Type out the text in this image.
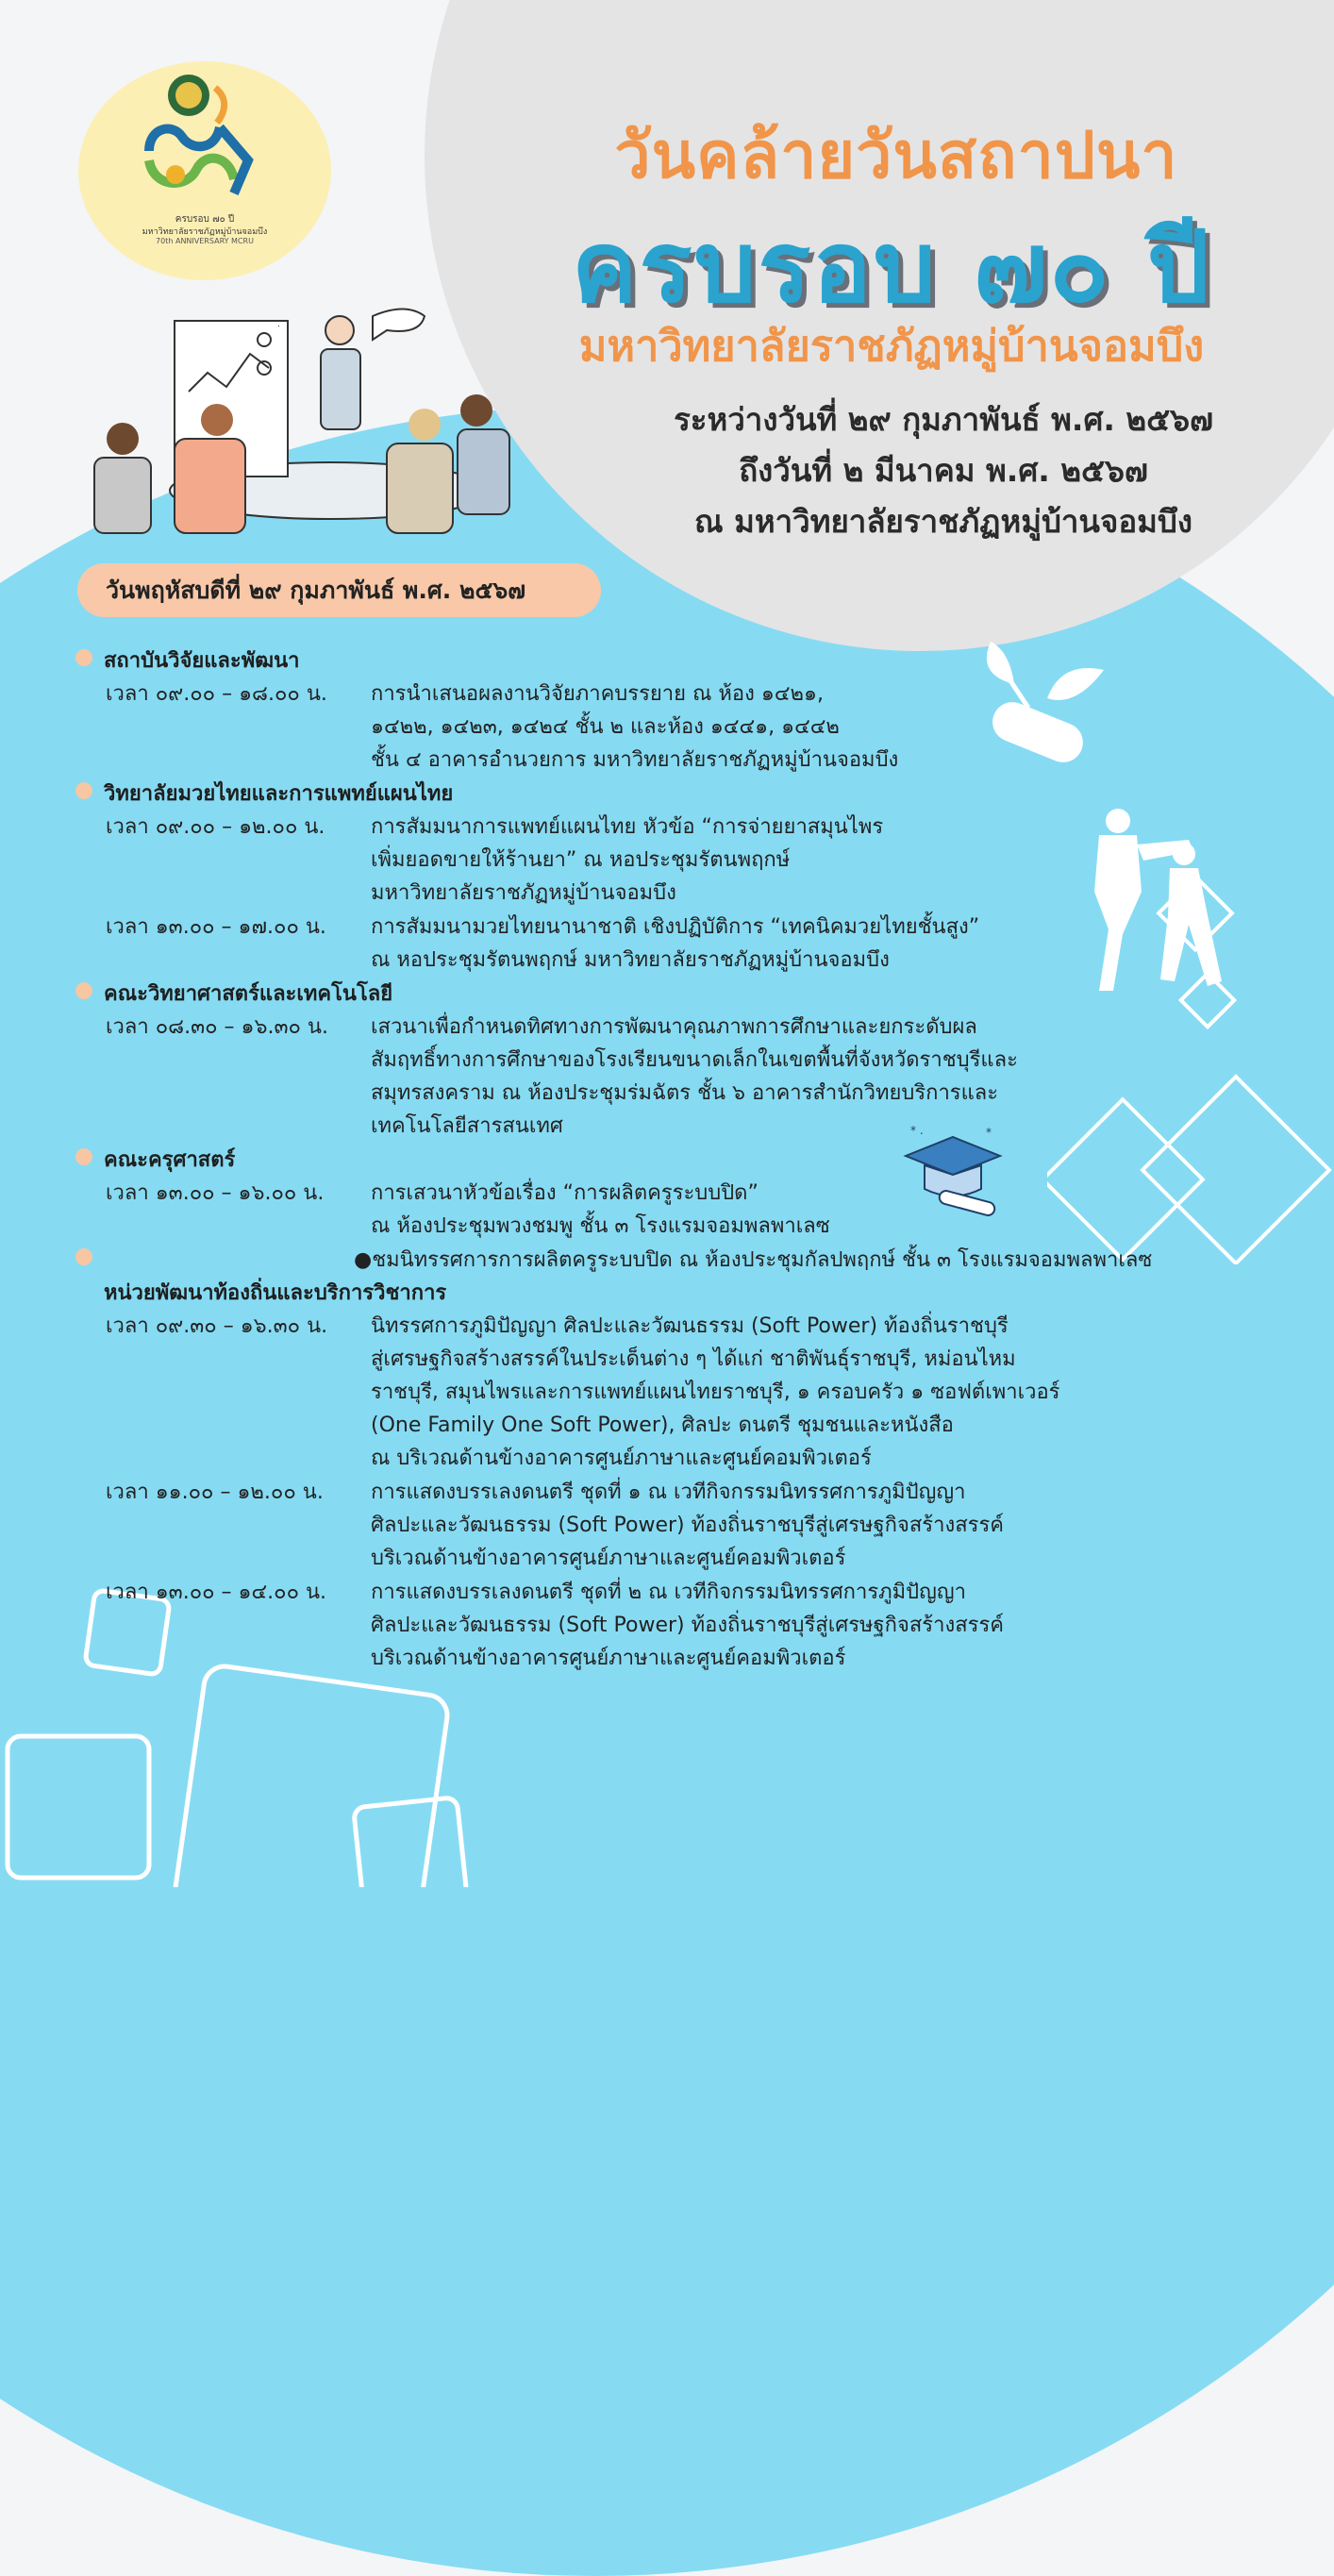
ครบรอบ ๗๐ ปี
มหาวิทยาลัยราชภัฏหมู่บ้านจอมบึง
70th ANNIVERSARY MCRU
วันคล้ายวันสถาปนา
ครบรอบ ๗๐ ปี
มหาวิทยาลัยราชภัฏหมู่บ้านจอมบึง
ระหว่างวันที่ ๒๙ กุมภาพันธ์ พ.ศ. ๒๕๖๗
ถึงวันที่ ๒ มีนาคม พ.ศ. ๒๕๖๗
ณ มหาวิทยาลัยราชภัฏหมู่บ้านจอมบึง
วันพฤหัสบดีที่ ๒๙ กุมภาพันธ์ พ.ศ. ๒๕๖๗
* .	*
สถาบันวิจัยและพัฒนา
เวลา ๐๙.๐๐ – ๑๘.๐๐ น. การนำเสนอผลงานวิจัยภาคบรรยาย ณ ห้อง ๑๔๒๑,
๑๔๒๒, ๑๔๒๓, ๑๔๒๔ ชั้น ๒ และห้อง ๑๔๔๑, ๑๔๔๒
ชั้น ๔ อาคารอำนวยการ มหาวิทยาลัยราชภัฏหมู่บ้านจอมบึง
วิทยาลัยมวยไทยและการแพทย์แผนไทย
เวลา ๐๙.๐๐ – ๑๒.๐๐ น. การสัมมนาการแพทย์แผนไทย หัวข้อ “การจ่ายยาสมุนไพร
เพิ่มยอดขายให้ร้านยา” ณ หอประชุมรัตนพฤกษ์
มหาวิทยาลัยราชภัฏหมู่บ้านจอมบึง
เวลา ๑๓.๐๐ – ๑๗.๐๐ น. การสัมมนามวยไทยนานาชาติ เชิงปฏิบัติการ “เทคนิคมวยไทยชั้นสูง”
ณ หอประชุมรัตนพฤกษ์ มหาวิทยาลัยราชภัฏหมู่บ้านจอมบึง
คณะวิทยาศาสตร์และเทคโนโลยี
เวลา ๐๘.๓๐ – ๑๖.๓๐ น. เสวนาเพื่อกำหนดทิศทางการพัฒนาคุณภาพการศึกษาและยกระดับผล
สัมฤทธิ์ทางการศึกษาของโรงเรียนขนาดเล็กในเขตพื้นที่จังหวัดราชบุรีและ
สมุทรสงคราม ณ ห้องประชุมร่มฉัตร ชั้น ๖ อาคารสำนักวิทยบริการและ
เทคโนโลยีสารสนเทศ
คณะครุศาสตร์
เวลา ๑๓.๐๐ – ๑๖.๐๐ น. การเสวนาหัวข้อเรื่อง “การผลิตครูระบบปิด”
ณ ห้องประชุมพวงชมพู ชั้น ๓ โรงแรมจอมพลพาเลซ
●ชมนิทรรศการการผลิตครูระบบปิด ณ ห้องประชุมกัลปพฤกษ์ ชั้น ๓ โรงแรมจอมพลพาเลซ
หน่วยพัฒนาท้องถิ่นและบริการวิชาการ
เวลา ๐๙.๓๐ – ๑๖.๓๐ น. นิทรรศการภูมิปัญญา ศิลปะและวัฒนธรรม (Soft Power) ท้องถิ่นราชบุรี
สู่เศรษฐกิจสร้างสรรค์ในประเด็นต่าง ๆ ได้แก่ ชาติพันธุ์ราชบุรี, หม่อนไหม
ราชบุรี, สมุนไพรและการแพทย์แผนไทยราชบุรี, ๑ ครอบครัว ๑ ซอฟต์เพาเวอร์
(One Family One Soft Power), ศิลปะ ดนตรี ชุมชนและหนังสือ
ณ บริเวณด้านข้างอาคารศูนย์ภาษาและศูนย์คอมพิวเตอร์
เวลา ๑๑.๐๐ – ๑๒.๐๐ น. การแสดงบรรเลงดนตรี ชุดที่ ๑ ณ เวทีกิจกรรมนิทรรศการภูมิปัญญา
ศิลปะและวัฒนธรรม (Soft Power) ท้องถิ่นราชบุรีสู่เศรษฐกิจสร้างสรรค์
บริเวณด้านข้างอาคารศูนย์ภาษาและศูนย์คอมพิวเตอร์
เวลา ๑๓.๐๐ – ๑๔.๐๐ น. การแสดงบรรเลงดนตรี ชุดที่ ๒ ณ เวทีกิจกรรมนิทรรศการภูมิปัญญา
ศิลปะและวัฒนธรรม (Soft Power) ท้องถิ่นราชบุรีสู่เศรษฐกิจสร้างสรรค์
บริเวณด้านข้างอาคารศูนย์ภาษาและศูนย์คอมพิวเตอร์
